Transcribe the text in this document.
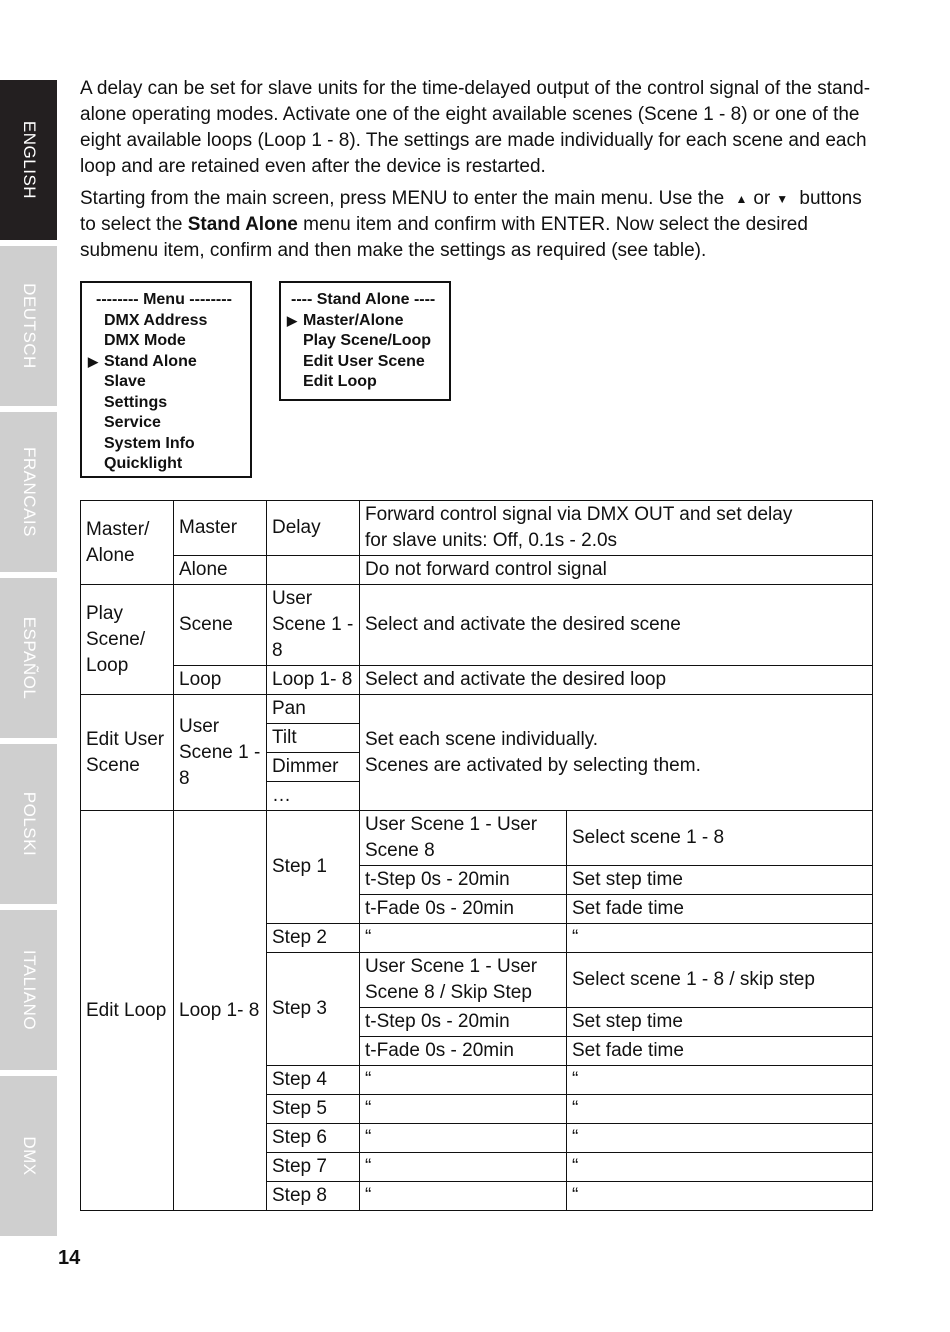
ENGLISH
DEUTSCH
FRANCAIS
ESPAÑOL
POLSKI
ITALIANO
DMX

A delay can be set for slave units for the time-delayed output of the control signal of the stand-alone operating modes. Activate one of the eight available scenes (Scene 1 - 8) or one of the eight available loops (Loop 1 - 8). The settings are made individually for each scene and each loop and are retained even after the device is restarted.

Starting from the main screen, press MENU to enter the main menu. Use the ▲ or ▼ buttons to select the Stand Alone menu item and confirm with ENTER. Now select the desired submenu item, confirm and then make the settings as required (see table).

-------- Menu --------
DMX Address
DMX Mode
▶ Stand Alone
Slave
Settings
Service
System Info
Quicklight
---- Stand Alone ----
▶ Master/Alone
Play Scene/Loop
Edit User Scene
Edit Loop
Master/ Alone	Master	Delay	Forward control signal via DMX OUT and set delay
for slave units: Off, 0.1s - 2.0s	
	Alone		Do not forward control signal	
Play Scene/ Loop	Scene	User Scene 1 - 8	Select and activate the desired scene	
	Loop	Loop 1- 8	Select and activate the desired loop	
Edit User Scene	User Scene 1 - 8	Pan	Set each scene individually.
Scenes are activated by selecting them.	
		Tilt		
		Dimmer		
		…		
Edit Loop	Loop 1- 8	Step 1	User Scene 1 - User Scene 8	Select scene 1 - 8
			t-Step 0s - 20min	Set step time
			t-Fade 0s - 20min	Set fade time
		Step 2	“	“
		Step 3	User Scene 1 - User Scene 8 / Skip Step	Select scene 1 - 8 / skip step
			t-Step 0s - 20min	Set step time
			t-Fade 0s - 20min	Set fade time
		Step 4	“	“
		Step 5	“	“
		Step 6	“	“
		Step 7	“	“
		Step 8	“	“
14
